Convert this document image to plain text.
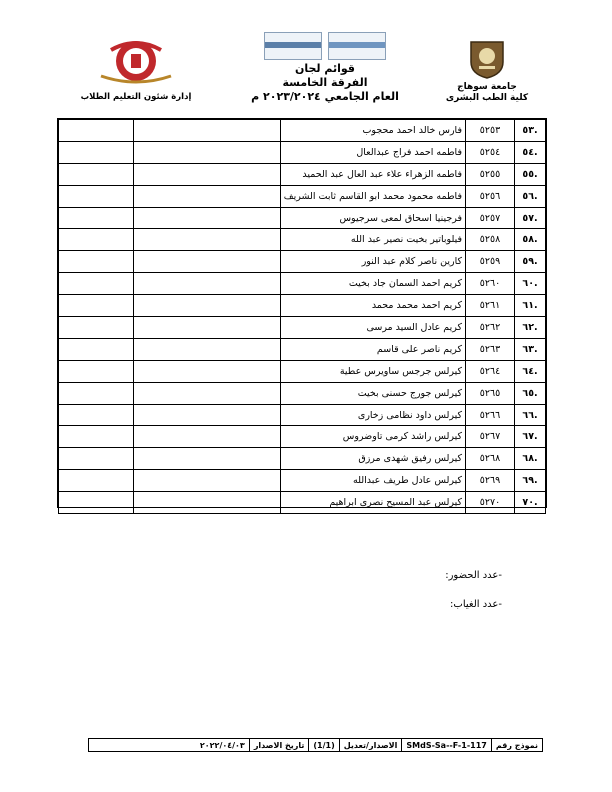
جامعة سوهاج
كلية الطب البشرى
قوائم لجان
الفرقة الخامسة
العام الجامعي ٢٠٢٣/٢٠٢٤ م
إدارة شئون التعليم الطلاب
.٥٣	٥٢٥٣	فارس خالد احمد محجوب		
.٥٤	٥٢٥٤	فاطمه احمد فراج عبدالعال		
.٥٥	٥٢٥٥	فاطمه الزهراء علاء عبد العال عبد الحميد		
.٥٦	٥٢٥٦	فاطمه محمود محمد ابو القاسم ثابت الشريف		
.٥٧	٥٢٥٧	فرجينيا اسحاق لمعى سرجيوس		
.٥٨	٥٢٥٨	فيلوباتير بخيت نصير عبد الله		
.٥٩	٥٢٥٩	كارين ناصر كلام عبد النور		
.٦٠	٥٢٦٠	كريم احمد السمان جاد بخيت		
.٦١	٥٢٦١	كريم احمد محمد محمد		
.٦٢	٥٢٦٢	كريم عادل السيد مرسى		
.٦٣	٥٢٦٣	كريم ناصر على قاسم		
.٦٤	٥٢٦٤	كيرلس جرجس ساويرس عطية		
.٦٥	٥٢٦٥	كيرلس جورج حسنى بخيت		
.٦٦	٥٢٦٦	كيرلس داود نظامى زخارى		
.٦٧	٥٢٦٧	كيرلس راشد كرمى تاوضروس		
.٦٨	٥٢٦٨	كيرلس رفيق شهدى مرزق		
.٦٩	٥٢٦٩	كيرلس عادل طريف عبدالله		
.٧٠	٥٢٧٠	كيرلس عبد المسيح نصرى ابراهيم		
-عدد الحضور:
-عدد الغياب:
نموذج رقم
SMdS-Sa--F-1-117
الاصدار/تعديل
(1/1)
تاريخ الاصدار
٢٠٢٢/٠٤/٠٣
